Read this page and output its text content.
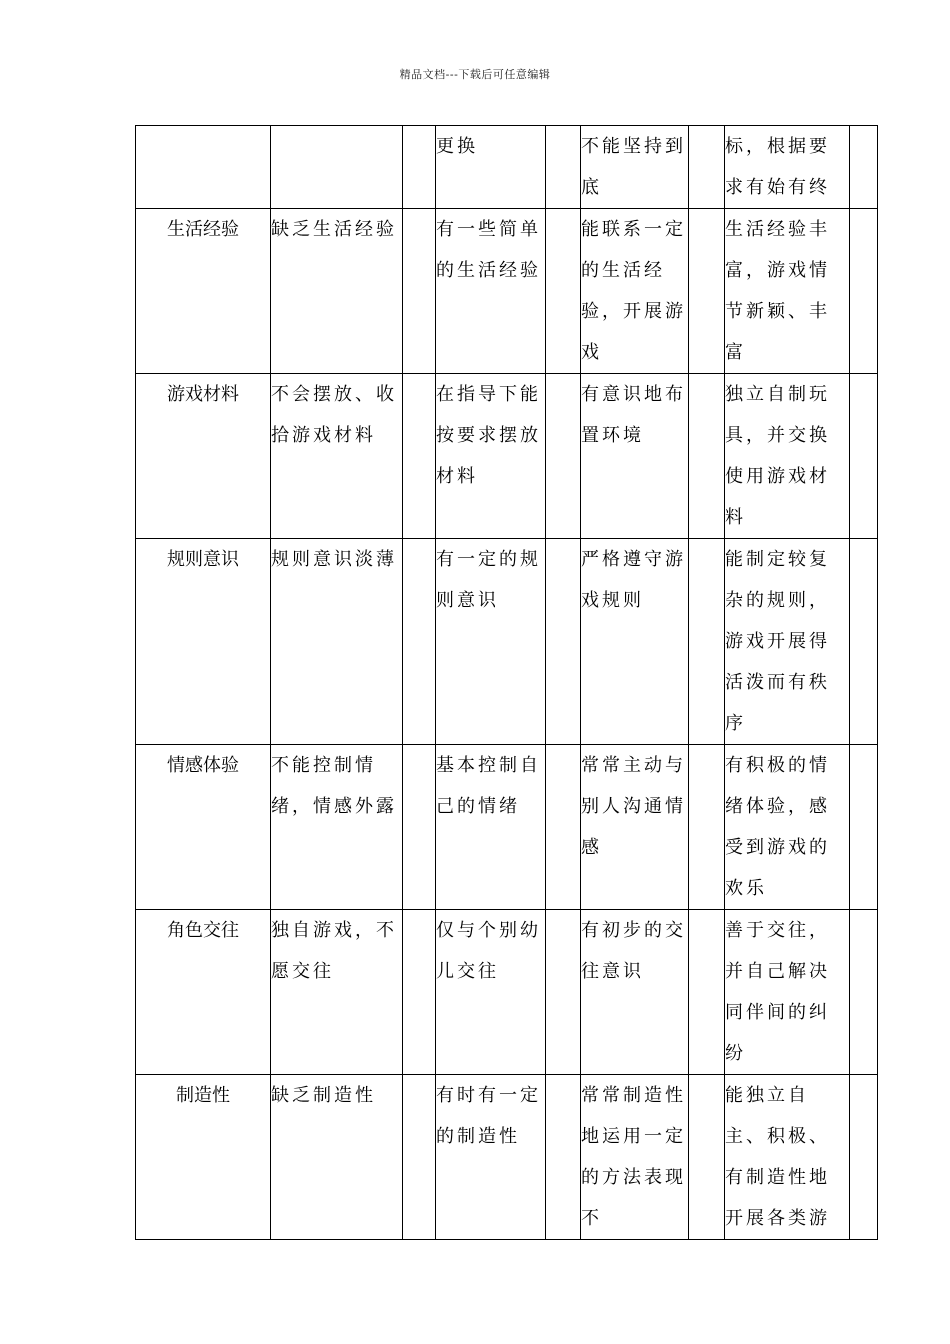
精品文档---下载后可任意编辑
			更换		不能坚持到底		标，根据要求有始有终	
生活经验	缺乏生活经验		有一些简单的生活经验		能联系一定的生活经验，开展游戏		生活经验丰富，游戏情节新颖、丰富	
游戏材料	不会摆放、收拾游戏材料		在指导下能按要求摆放材料		有意识地布置环境		独立自制玩具，并交换使用游戏材料	
规则意识	规则意识淡薄		有一定的规则意识		严格遵守游戏规则		能制定较复杂的规则，游戏开展得活泼而有秩序	
情感体验	不能控制情绪，情感外露		基本控制自己的情绪		常常主动与别人沟通情感		有积极的情绪体验，感受到游戏的欢乐	
角色交往	独自游戏，不愿交往		仅与个别幼儿交往		有初步的交往意识		善于交往，并自己解决同伴间的纠纷	
制造性	缺乏制造性		有时有一定的制造性		常常制造性地运用一定的方法表现不		能独立自主、积极、有制造性地开展各类游	
